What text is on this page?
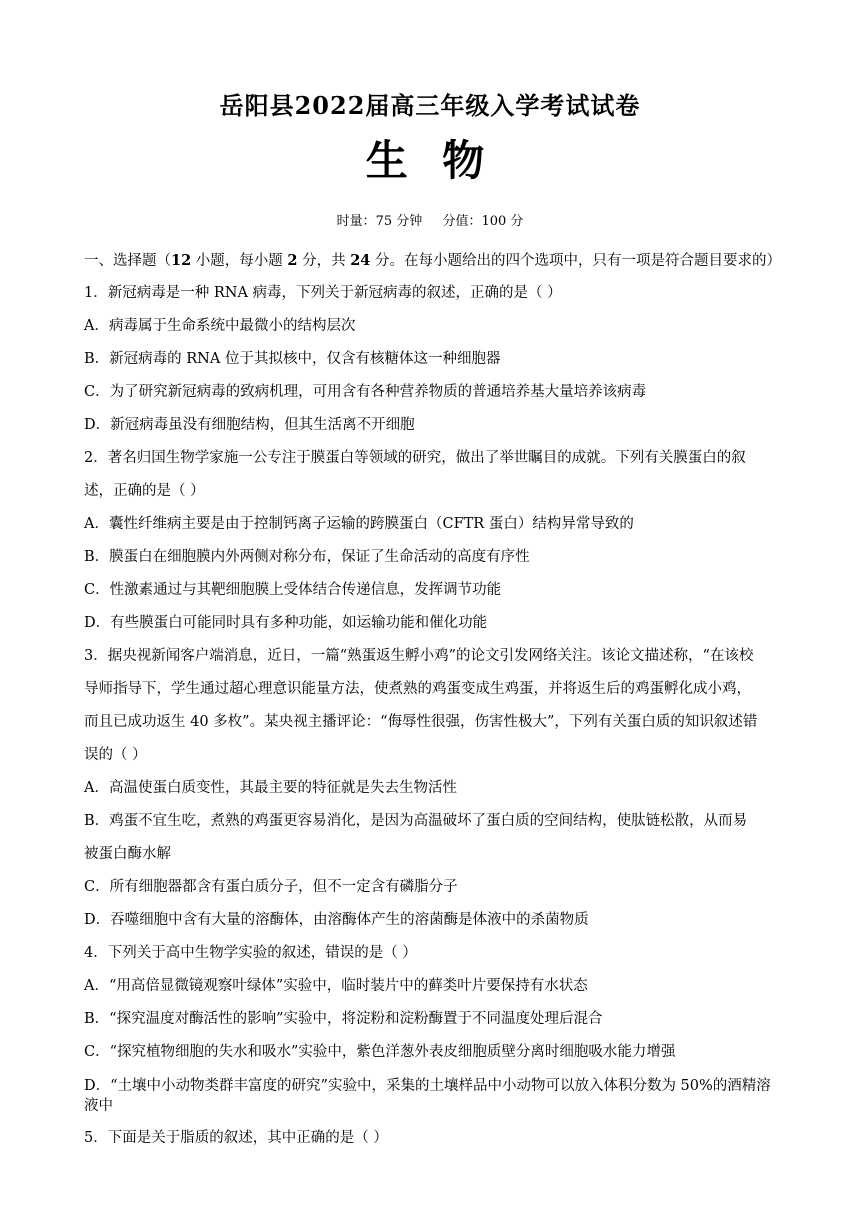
岳阳县2022届高三年级入学考试试卷
生 物
时量：75 分钟 分值：100 分
一、选择题（12 小题，每小题 2 分，共 24 分。在每小题给出的四个选项中，只有一项是符合题目要求的）
1．新冠病毒是一种 RNA 病毒，下列关于新冠病毒的叙述，正确的是（ ）
A．病毒属于生命系统中最微小的结构层次
B．新冠病毒的 RNA 位于其拟核中，仅含有核糖体这一种细胞器
C．为了研究新冠病毒的致病机理，可用含有各种营养物质的普通培养基大量培养该病毒
D．新冠病毒虽没有细胞结构，但其生活离不开细胞
2．著名归国生物学家施一公专注于膜蛋白等领域的研究，做出了举世瞩目的成就。下列有关膜蛋白的叙
述，正确的是（ ）
A．囊性纤维病主要是由于控制钙离子运输的跨膜蛋白（CFTR 蛋白）结构异常导致的
B．膜蛋白在细胞膜内外两侧对称分布，保证了生命活动的高度有序性
C．性激素通过与其靶细胞膜上受体结合传递信息，发挥调节功能
D．有些膜蛋白可能同时具有多种功能，如运输功能和催化功能
3．据央视新闻客户端消息，近日，一篇“熟蛋返生孵小鸡”的论文引发网络关注。该论文描述称，“在该校
导师指导下，学生通过超心理意识能量方法，使煮熟的鸡蛋变成生鸡蛋，并将返生后的鸡蛋孵化成小鸡，
而且已成功返生 40 多枚”。某央视主播评论：“侮辱性很强，伤害性极大”，下列有关蛋白质的知识叙述错
误的（ ）
A．高温使蛋白质变性，其最主要的特征就是失去生物活性
B．鸡蛋不宜生吃，煮熟的鸡蛋更容易消化，是因为高温破坏了蛋白质的空间结构，使肽链松散，从而易
被蛋白酶水解
C．所有细胞器都含有蛋白质分子，但不一定含有磷脂分子
D．吞噬细胞中含有大量的溶酶体，由溶酶体产生的溶菌酶是体液中的杀菌物质
4．下列关于高中生物学实验的叙述，错误的是（ ）
A．“用高倍显微镜观察叶绿体”实验中，临时装片中的藓类叶片要保持有水状态
B．“探究温度对酶活性的影响”实验中，将淀粉和淀粉酶置于不同温度处理后混合
C．“探究植物细胞的失水和吸水”实验中，紫色洋葱外表皮细胞质壁分离时细胞吸水能力增强
D．“土壤中小动物类群丰富度的研究”实验中，采集的土壤样品中小动物可以放入体积分数为 50%的酒精溶液中
5．下面是关于脂质的叙述，其中正确的是（ ）
